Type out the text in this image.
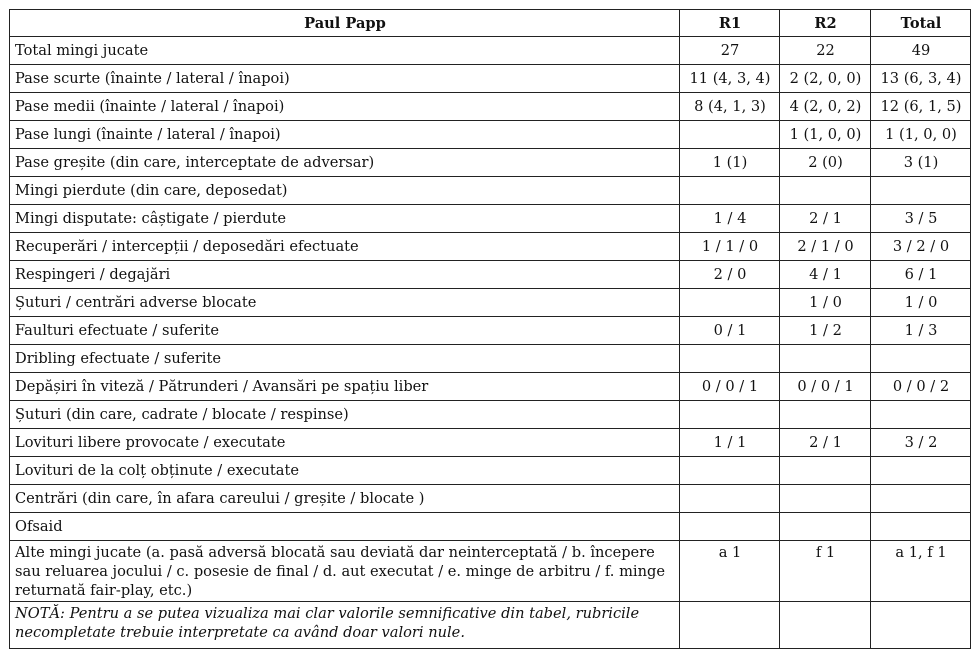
Paul Papp	R1	R2	Total
Total mingi jucate	27	22	49
Pase scurte (înainte / lateral / înapoi)	11 (4, 3, 4)	2 (2, 0, 0)	13 (6, 3, 4)
Pase medii (înainte / lateral / înapoi)	8 (4, 1, 3)	4 (2, 0, 2)	12 (6, 1, 5)
Pase lungi (înainte / lateral / înapoi)		1 (1, 0, 0)	1 (1, 0, 0)
Pase greșite (din care, interceptate de adversar)	1 (1)	2 (0)	3 (1)
Mingi pierdute (din care, deposedat)			
Mingi disputate: câștigate / pierdute	1 / 4	2 / 1	3 / 5
Recuperări / intercepții / deposedări efectuate	1 / 1 / 0	2 / 1 / 0	3 / 2 / 0
Respingeri / degajări	2 / 0	4 / 1	6 / 1
Șuturi / centrări adverse blocate		1 / 0	1 / 0
Faulturi efectuate / suferite	0 / 1	1 / 2	1 / 3
Dribling efectuate / suferite			
Depășiri în viteză / Pătrunderi / Avansări pe spațiu liber	0 / 0 / 1	0 / 0 / 1	0 / 0 / 2
Șuturi (din care, cadrate / blocate / respinse)			
Lovituri libere provocate / executate	1 / 1	2 / 1	3 / 2
Lovituri de la colț obținute / executate			
Centrări (din care, în afara careului / greșite / blocate )			
Ofsaid			
Alte mingi jucate (a. pasă adversă blocată sau deviată dar neinterceptată / b. începere sau reluarea jocului / c. posesie de final / d. aut executat / e. minge de arbitru / f. minge returnată fair-play, etc.)	a 1	f 1	a 1, f 1
NOTĂ: Pentru a se putea vizualiza mai clar valorile semnificative din tabel, rubricile necompletate trebuie interpretate ca având doar valori nule.			
